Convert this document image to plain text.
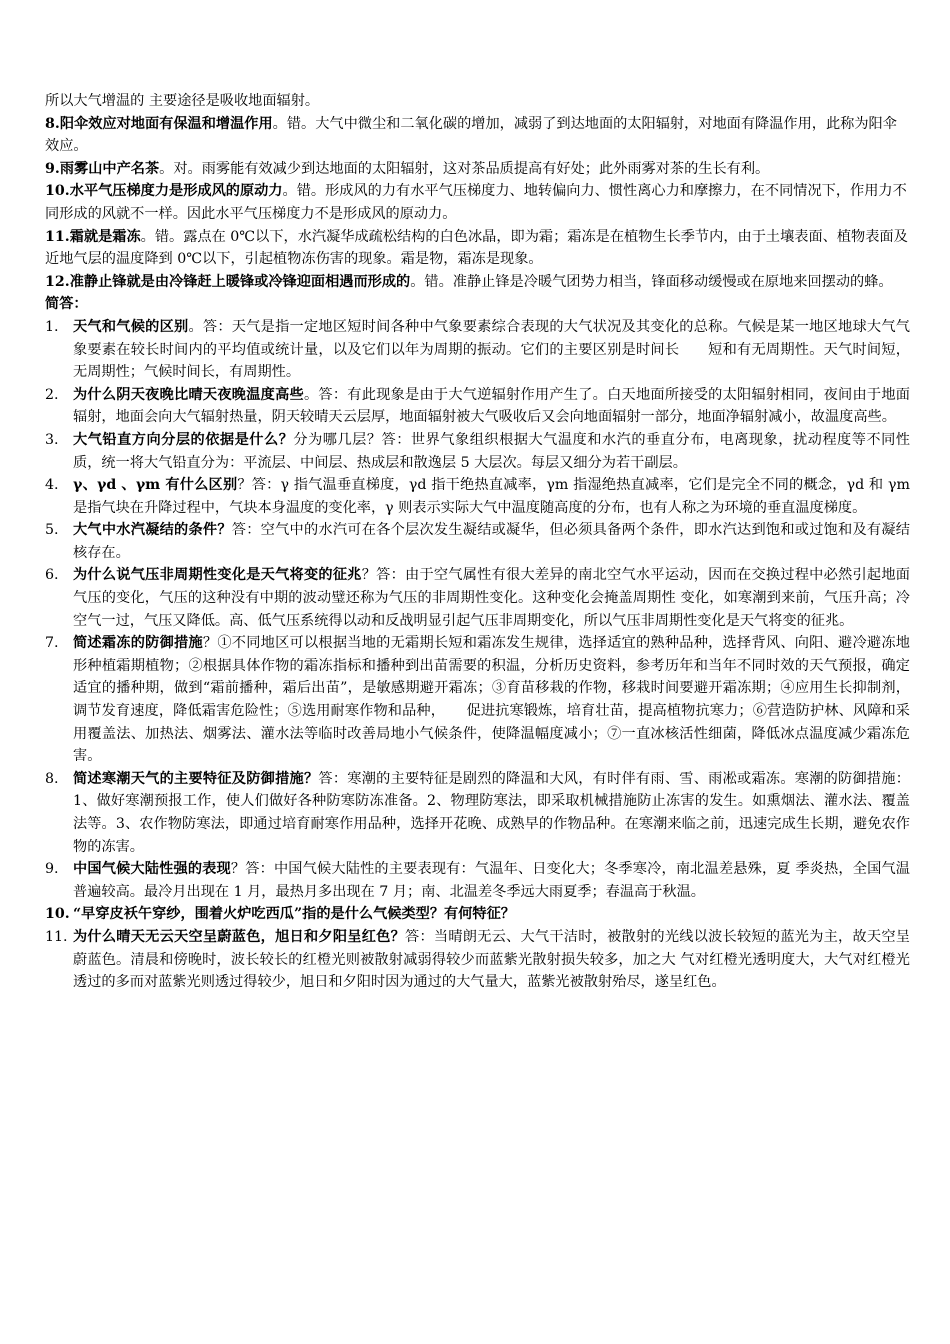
所以大气增温的 主要途径是吸收地面辐射。

8.阳伞效应对地面有保温和增温作用。错。大气中微尘和二氧化碳的增加，减弱了到达地面的太阳辐射，对地面有降温作用，此称为阳伞效应。

9.雨雾山中产名茶。对。雨雾能有效减少到达地面的太阳辐射，这对茶品质提高有好处；此外雨雾对茶的生长有利。

10.水平气压梯度力是形成风的原动力。错。形成风的力有水平气压梯度力、地转偏向力、惯性离心力和摩擦力，在不同情况下，作用力不同形成的风就不一样。因此水平气压梯度力不是形成风的原动力。

11.霜就是霜冻。错。露点在 0℃以下，水汽凝华成疏松结构的白色冰晶，即为霜；霜冻是在植物生长季节内，由于土壤表面、植物表面及近地气层的温度降到 0℃以下，引起植物冻伤害的现象。霜是物，霜冻是现象。

12.准静止锋就是由冷锋赶上暖锋或冷锋迎面相遇而形成的。错。准静止锋是冷暖气团势力相当，锋面移动缓慢或在原地来回摆动的蜂。

简答：

1.	天气和气候的区别。答：天气是指一定地区短时间各种中气象要素综合表现的大气状况及其变化的总称。气候是某一地区地球大气气象要素在较长时间内的平均值或统计量，以及它们以年为周期的振动。它们的主要区别是时间长　　短和有无周期性。天气时间短，无周期性；气候时间长，有周期性。
2.	为什么阴天夜晚比晴天夜晚温度高些。答：有此现象是由于大气逆辐射作用产生了。白天地面所接受的太阳辐射相同，夜间由于地面辐射，地面会向大气辐射热量，阴天较晴天云层厚，地面辐射被大气吸收后又会向地面辐射一部分，地面净辐射减小，故温度高些。
3.	大气铅直方向分层的依据是什么？分为哪几层？答：世界气象组织根据大气温度和水汽的垂直分布，电离现象，扰动程度等不同性质，统一将大气铅直分为：平流层、中间层、热成层和散逸层 5 大层次。每层又细分为若干副层。
4.	γ、γd 、γm 有什么区别？答：γ 指气温垂直梯度，γd 指干绝热直减率，γm 指湿绝热直减率，它们是完全不同的概念，γd 和 γm 是指气块在升降过程中，气块本身温度的变化率，γ 则表示实际大气中温度随高度的分布，也有人称之为环境的垂直温度梯度。
5.	大气中水汽凝结的条件？答：空气中的水汽可在各个层次发生凝结或凝华，但必须具备两个条件，即水汽达到饱和或过饱和及有凝结核存在。
6.	为什么说气压非周期性变化是天气将变的征兆？答：由于空气属性有很大差异的南北空气水平运动，因而在交换过程中必然引起地面气压的变化，气压的这种没有中期的波动璧还称为气压的非周期性变化。这种变化会掩盖周期性 变化，如寒潮到来前，气压升高；冷空气一过，气压又降低。高、低气压系统得以动和反战明显引起气压非周期变化，所以气压非周期性变化是天气将变的征兆。
7.	简述霜冻的防御措施？①不同地区可以根据当地的无霜期长短和霜冻发生规律，选择适宜的熟种品种，选择背风、向阳、避冷避冻地形种植霜期植物；②根据具体作物的霜冻指标和播种到出苗需要的积温，分析历史资料，参考历年和当年不同时效的天气预报，确定适宜的播种期，做到“霜前播种，霜后出苗”，是敏感期避开霜冻；③育苗移栽的作物，移栽时间要避开霜冻期；④应用生长抑制剂，调节发育速度，降低霜害危险性；⑤选用耐寒作物和品种，　　促进抗寒锻炼，培育壮苗，提高植物抗寒力；⑥营造防护林、风障和采用覆盖法、加热法、烟雾法、灌水法等临时改善局地小气候条件，使降温幅度减小；⑦一直冰核活性细菌，降低冰点温度减少霜冻危害。
8.	简述寒潮天气的主要特征及防御措施？答：寒潮的主要特征是剧烈的降温和大风，有时伴有雨、雪、雨凇或霜冻。寒潮的防御措施：1、做好寒潮预报工作，使人们做好各种防寒防冻准备。2、物理防寒法，即采取机械措施防止冻害的发生。如熏烟法、灌水法、覆盖法等。3、农作物防寒法，即通过培育耐寒作用品种，选择开花晚、成熟早的作物品种。在寒潮来临之前，迅速完成生长期，避免农作物的冻害。
9.	中国气候大陆性强的表现？答：中国气候大陆性的主要表现有：气温年、日变化大；冬季寒冷，南北温差悬殊，夏 季炎热，全国气温普遍较高。最冷月出现在 1 月，最热月多出现在 7 月；南、北温差冬季远大雨夏季；春温高于秋温。
10. “早穿皮袄午穿纱，围着火炉吃西瓜”指的是什么气候类型？有何特征？
11. 为什么晴天无云天空呈蔚蓝色，旭日和夕阳呈红色？答：当晴朗无云、大气干洁时，被散射的光线以波长较短的蓝光为主，故天空呈蔚蓝色。清晨和傍晚时，波长较长的红橙光则被散射减弱得较少而蓝紫光散射损失较多，加之大 气对红橙光透明度大，大气对红橙光透过的多而对蓝紫光则透过得较少，旭日和夕阳时因为通过的大气量大，蓝紫光被散射殆尽，遂呈红色。
